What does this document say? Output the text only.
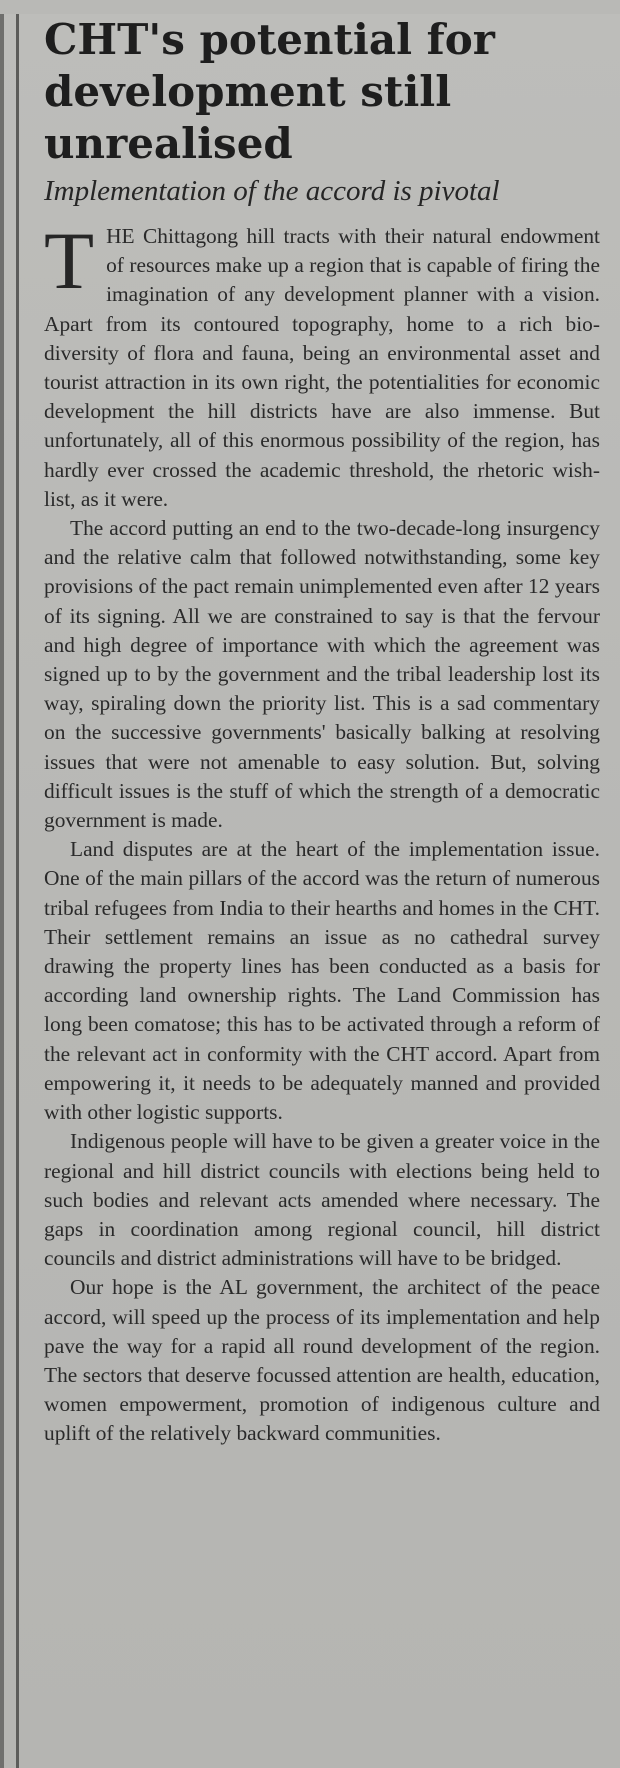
CHT's potential for development still unrealised
Implementation of the accord is pivotal

THE Chittagong hill tracts with their natural endowment of resources make up a region that is capable of firing the imagination of any development planner with a vision. Apart from its contoured topography, home to a rich bio-diversity of flora and fauna, being an environmental asset and tourist attraction in its own right, the potentialities for economic development the hill districts have are also immense. But unfortunately, all of this enormous possibility of the region, has hardly ever crossed the academic threshold, the rhetoric wish-list, as it were.

The accord putting an end to the two-decade-long insurgency and the relative calm that followed notwithstanding, some key provisions of the pact remain unimplemented even after 12 years of its signing. All we are constrained to say is that the fervour and high degree of importance with which the agreement was signed up to by the government and the tribal leadership lost its way, spiraling down the priority list. This is a sad commentary on the successive governments' basically balking at resolving issues that were not amenable to easy solution. But, solving difficult issues is the stuff of which the strength of a democratic government is made.

Land disputes are at the heart of the implementation issue. One of the main pillars of the accord was the return of numerous tribal refugees from India to their hearths and homes in the CHT. Their settlement remains an issue as no cathedral survey drawing the property lines has been conducted as a basis for according land ownership rights. The Land Commission has long been comatose; this has to be activated through a reform of the relevant act in conformity with the CHT accord. Apart from empowering it, it needs to be adequately manned and provided with other logistic supports.

Indigenous people will have to be given a greater voice in the regional and hill district councils with elections being held to such bodies and relevant acts amended where necessary. The gaps in coordination among regional council, hill district councils and district administrations will have to be bridged.

Our hope is the AL government, the architect of the peace accord, will speed up the process of its implementation and help pave the way for a rapid all round development of the region. The sectors that deserve focussed attention are health, education, women empowerment, promotion of indigenous culture and uplift of the relatively backward communities.
